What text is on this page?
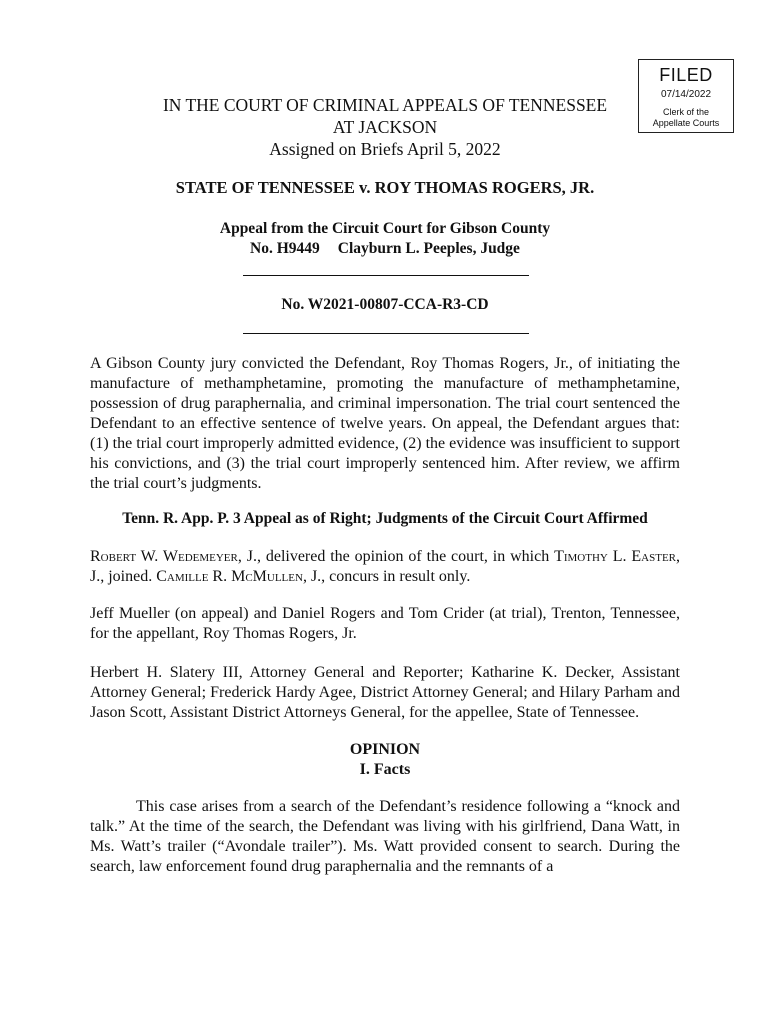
FILED
07/14/2022
Clerk of the
Appellate Courts
IN THE COURT OF CRIMINAL APPEALS OF TENNESSEE
AT JACKSON
Assigned on Briefs April 5, 2022
STATE OF TENNESSEE v. ROY THOMAS ROGERS, JR.
Appeal from the Circuit Court for Gibson County
No. H9449 Clayburn L. Peeples, Judge
No. W2021-00807-CCA-R3-CD

A Gibson County jury convicted the Defendant, Roy Thomas Rogers, Jr., of initiating the manufacture of methamphetamine, promoting the manufacture of methamphetamine, possession of drug paraphernalia, and criminal impersonation. The trial court sentenced the Defendant to an effective sentence of twelve years. On appeal, the Defendant argues that: (1) the trial court improperly admitted evidence, (2) the evidence was insufficient to support his convictions, and (3) the trial court improperly sentenced him. After review, we affirm the trial court’s judgments.

Tenn. R. App. P. 3 Appeal as of Right; Judgments of the Circuit Court Affirmed

Robert W. Wedemeyer, J., delivered the opinion of the court, in which Timothy L. Easter, J., joined. Camille R. McMullen, J., concurs in result only.

Jeff Mueller (on appeal) and Daniel Rogers and Tom Crider (at trial), Trenton, Tennessee, for the appellant, Roy Thomas Rogers, Jr.

Herbert H. Slatery III, Attorney General and Reporter; Katharine K. Decker, Assistant Attorney General; Frederick Hardy Agee, District Attorney General; and Hilary Parham and Jason Scott, Assistant District Attorneys General, for the appellee, State of Tennessee.

OPINION
I. Facts

This case arises from a search of the Defendant’s residence following a “knock and talk.” At the time of the search, the Defendant was living with his girlfriend, Dana Watt, in Ms. Watt’s trailer (“Avondale trailer”). Ms. Watt provided consent to search. During the search, law enforcement found drug paraphernalia and the remnants of a
